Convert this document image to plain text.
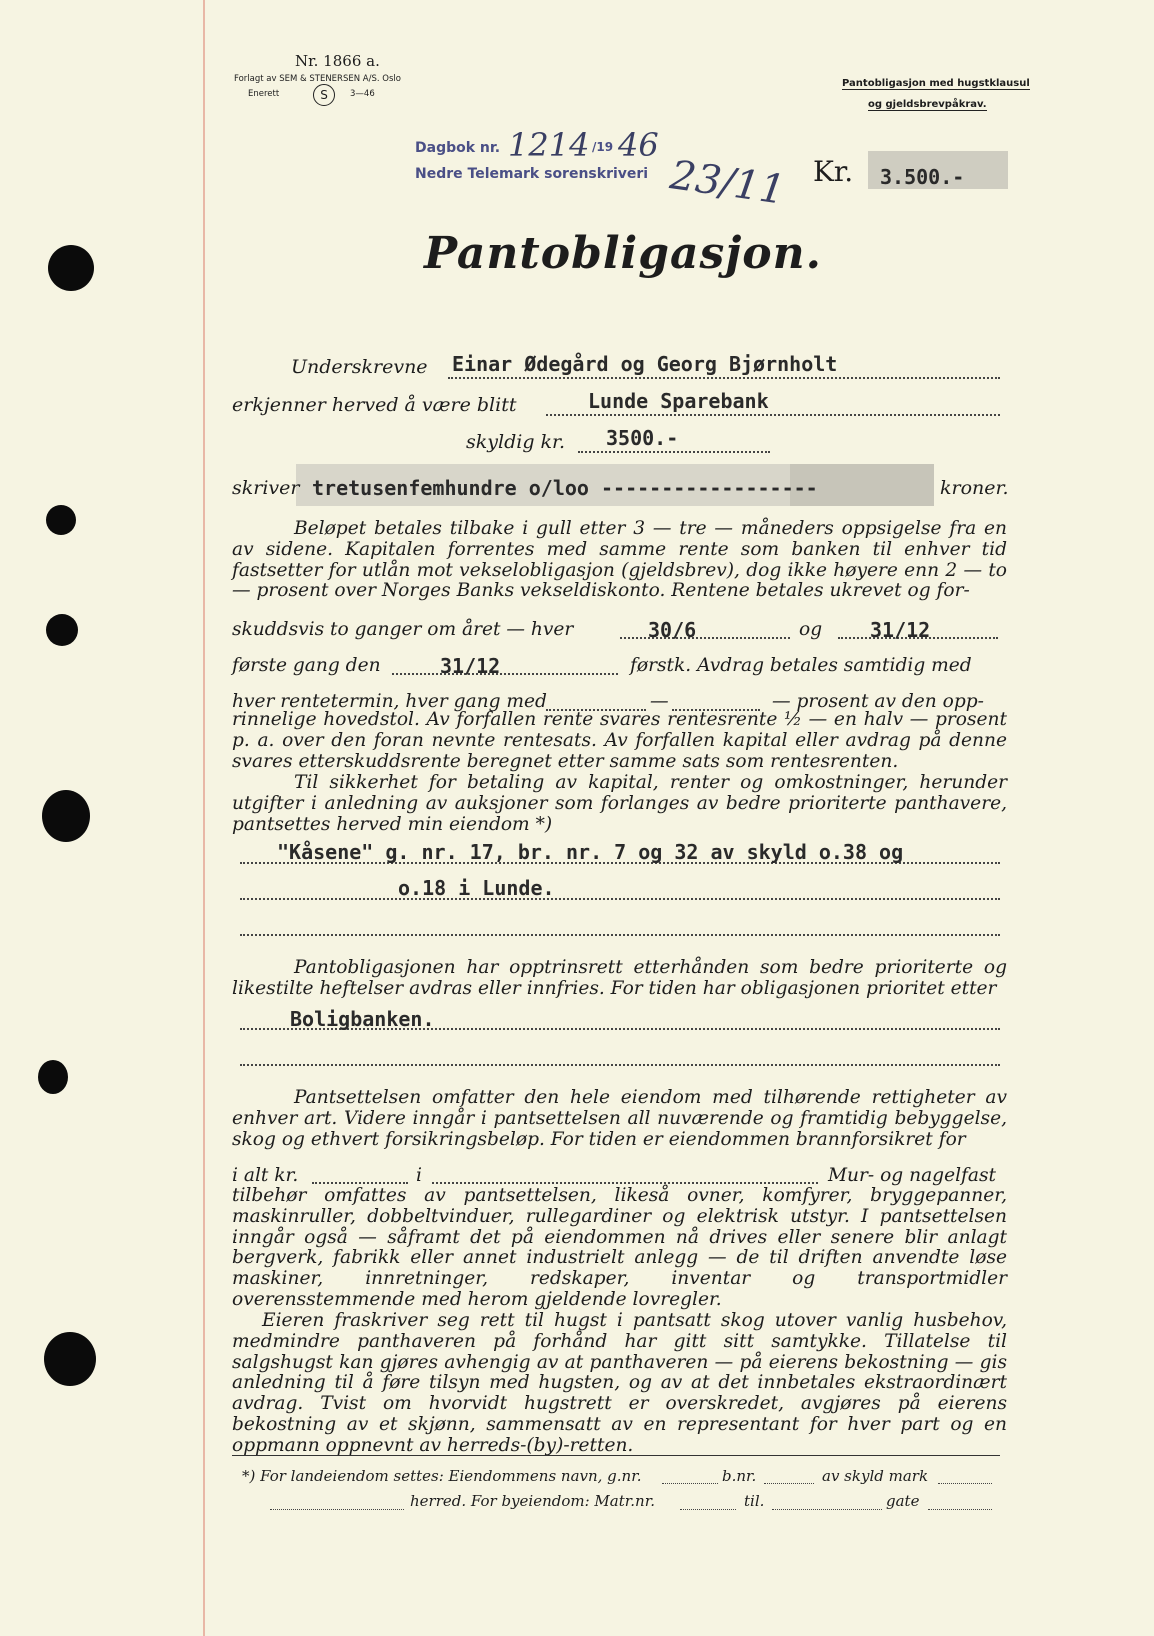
Nr. 1866 a.
Forlagt av SEM & STENERSEN A/S. Oslo
Enerett	S	3—46
Pantobligasjon med hugstklausul
og gjeldsbrevpåkrav.
Dagbok nr. 1214 /19 46
Nedre Telemark sorenskriveri 23/11 Kr. 3.500.-
Pantobligasjon.
Underskrevne Einar Ødegård og Georg Bjørnholt
erkjenner herved å være blitt	Lunde Sparebank
skyldig kr. 3500.-
skriver tretusenfemhundre o/loo ------------------	kroner.
Beløpet betales tilbake i gull etter 3 — tre — måneders oppsigelse fra en av sidene. Kapitalen forrentes med samme rente som banken til enhver tid fastsetter for utlån mot vekselobligasjon (gjeldsbrev), dog ikke høyere enn 2 — to — prosent over Norges Banks vekseldiskonto. Rentene betales ukrevet og for-
skuddsvis to ganger om året — hver	30/6	og 31/12
første gang den	31/12	førstk. Avdrag betales samtidig med
hver rentetermin, hver gang med	—	— prosent av den opp-
rinnelige hovedstol. Av forfallen rente svares rentesrente ½ — en halv — prosent p. a. over den foran nevnte rentesats. Av forfallen kapital eller avdrag på denne svares etterskuddsrente beregnet etter samme sats som rentesrenten.
Til sikkerhet for betaling av kapital, renter og omkostninger, herunder utgifter i anledning av auksjoner som forlanges av bedre prioriterte panthavere, pantsettes herved min eiendom *)
"Kåsene" g. nr. 17, br. nr. 7 og 32 av skyld o.38 og
o.18 i Lunde.
Pantobligasjonen har opptrinsrett etterhånden som bedre prioriterte og likestilte heftelser avdras eller innfries. For tiden har obligasjonen prioritet etter
Boligbanken.
Pantsettelsen omfatter den hele eiendom med tilhørende rettigheter av enhver art. Videre inngår i pantsettelsen all nuværende og framtidig bebyggelse, skog og ethvert forsikringsbeløp. For tiden er eiendommen brannforsikret for
i alt kr.	i	Mur- og nagelfast
tilbehør omfattes av pantsettelsen, likeså ovner, komfyrer, bryggepanner, maskinruller, dobbeltvinduer, rullegardiner og elektrisk utstyr. I pantsettelsen inngår også — såframt det på eiendommen nå drives eller senere blir anlagt bergverk, fabrikk eller annet industrielt anlegg — de til driften anvendte løse maskiner, innretninger, redskaper, inventar og transportmidler overensstemmende med herom gjeldende lovregler.
Eieren fraskriver seg rett til hugst i pantsatt skog utover vanlig husbehov, medmindre panthaveren på forhånd har gitt sitt samtykke. Tillatelse til salgshugst kan gjøres avhengig av at panthaveren — på eierens bekostning — gis anledning til å føre tilsyn med hugsten, og av at det innbetales ekstraordinært avdrag. Tvist om hvorvidt hugstrett er overskredet, avgjøres på eierens bekostning av et skjønn, sammensatt av en representant for hver part og en oppmann oppnevnt av herreds-(by)-retten.
*) For landeiendom settes: Eiendommens navn, g.nr.	b.nr.	av skyld mark
herred. For byeiendom: Matr.nr.	til.	gate
